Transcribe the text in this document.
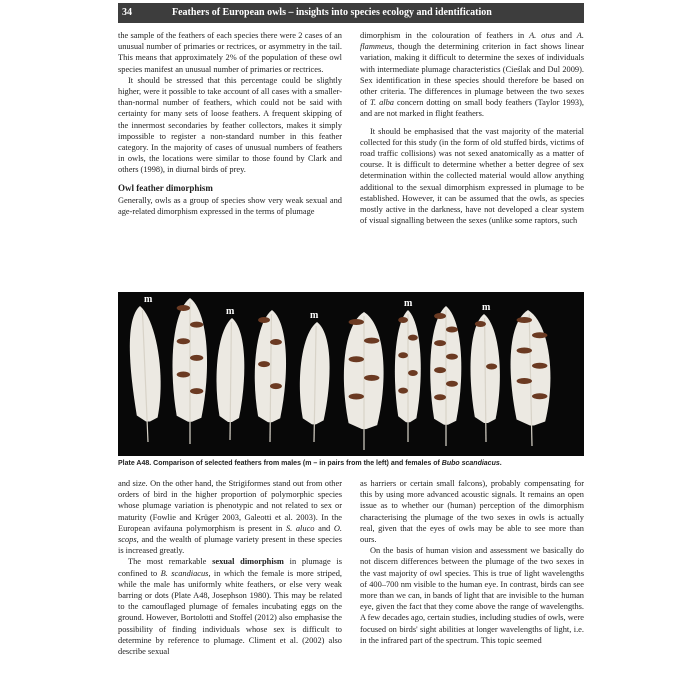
34	Feathers of European owls – insights into species ecology and identification

the sample of the feathers of each species there were 2 cases of an unusual number of primaries or rectrices, or asymmetry in the tail. This means that approximately 2% of the population of these owl species manifest an unusual number of primaries or rectrices.

It should be stressed that this percentage could be slightly higher, were it possible to take account of all cases with a smaller-than-normal number of feathers, which could not be said with certainty for many sets of loose feathers. A frequent skipping of the innermost secondaries by feather collectors, makes it simply impossible to register a non-standard number in this feather category. In the majority of cases of unusual numbers of feathers in owls, the locations were similar to those found by Clark and others (1998), in diurnal birds of prey.

Owl feather dimorphism

Generally, owls as a group of species show very weak sexual and age-related dimorphism expressed in the terms of plumage

dimorphism in the colouration of feathers in A. otus and A. flammeus, though the determining criterion in fact shows linear variation, making it difficult to determine the sexes of individuals with intermediate plumage characteristics (Cieślak and Dul 2009). Sex identification in these species should therefore be based on other criteria. The differences in plumage between the two sexes of T. alba concern dotting on small body feathers (Taylor 1993), and are not marked in flight feathers.

It should be emphasised that the vast majority of the material collected for this study (in the form of old stuffed birds, victims of road traffic collisions) was not sexed anatomically as a matter of course. It is difficult to determine whether a better degree of sex determination within the collected material would allow anything additional to the sexual dimorphism expressed in plumage to be established. However, it can be assumed that the owls, as species mostly active in the darkness, have not developed a clear system of visual signalling between the sexes (unlike some raptors, such

m
m	m
m	m
Plate A48. Comparison of selected feathers from males (m – in pairs from the left) and females of Bubo scandiacus.

and size. On the other hand, the Strigiformes stand out from other orders of bird in the higher proportion of polymorphic species whose plumage variation is phenotypic and not related to sex or maturity (Fowlie and Krüger 2003, Galeotti et al. 2003). In the European avifauna polymorphism is present in S. aluco and O. scops, and the wealth of plumage variety present in these species is increased greatly.

The most remarkable sexual dimorphism in plumage is confined to B. scandiacus, in which the female is more striped, while the male has uniformly white feathers, or else very weak barring or dots (Plate A48, Josephson 1980). This may be related to the camouflaged plumage of females incubating eggs on the ground. However, Bortolotti and Stoffel (2012) also emphasise the possibility of finding individuals whose sex is difficult to determine by reference to plumage. Climent et al. (2002) also describe sexual

as harriers or certain small falcons), probably compensating for this by using more advanced acoustic signals. It remains an open issue as to whether our (human) perception of the dimorphism characterising the plumage of the two sexes in owls is actually real, given that the eyes of owls may be able to see more than ours.

On the basis of human vision and assessment we basically do not discern differences between the plumage of the two sexes in the vast majority of owl species. This is true of light wavelengths of 400–700 nm visible to the human eye. In contrast, birds can see more than we can, in bands of light that are invisible to the human eye, given the fact that they come above the range of wavelengths. A few decades ago, certain studies, including studies of owls, were focused on birds' sight abilities at longer wavelengths of light, i.e. in the infrared part of the spectrum. This topic seemed
